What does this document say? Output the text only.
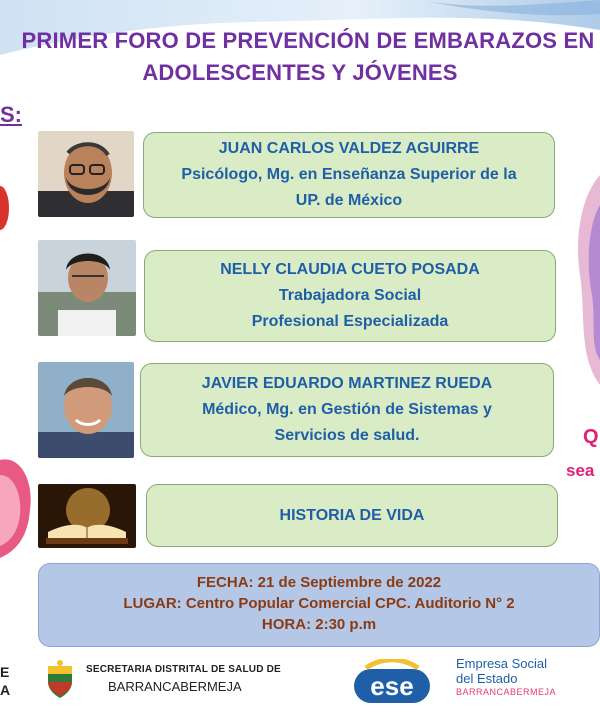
PRIMER FORO DE PREVENCIÓN DE EMBARAZOS EN
ADOLESCENTES Y JÓVENES
S:
Q
sea
JUAN CARLOS VALDEZ AGUIRRE
Psicólogo, Mg. en Enseñanza Superior de la
UP. de México
NELLY CLAUDIA CUETO POSADA
Trabajadora Social
Profesional Especializada
JAVIER EDUARDO MARTINEZ RUEDA
Médico, Mg. en Gestión de Sistemas y
Servicios de salud.
HISTORIA DE VIDA
FECHA: 21 de Septiembre de 2022
LUGAR: Centro Popular Comercial CPC. Auditorio N° 2
HORA: 2:30 p.m
E
A
SECRETARIA DISTRITAL DE SALUD DE
BARRANCABERMEJA	ese
Empresa Social
del Estado
BARRANCABERMEJA
